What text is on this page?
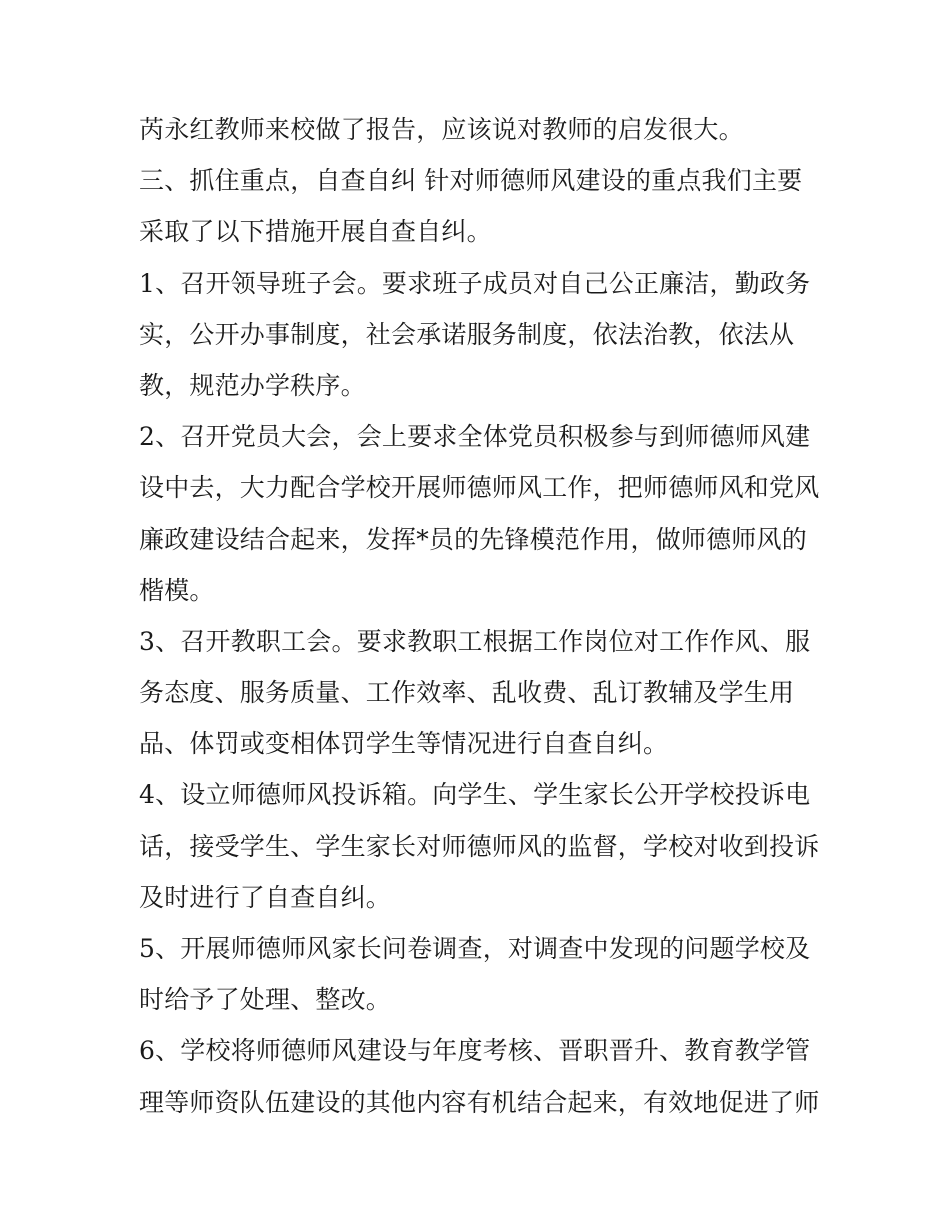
芮永红教师来校做了报告，应该说对教师的启发很大。
三、抓住重点，自查自纠 针对师德师风建设的重点我们主要
采取了以下措施开展自查自纠。
1、召开领导班子会。要求班子成员对自己公正廉洁，勤政务
实，公开办事制度，社会承诺服务制度，依法治教，依法从
教，规范办学秩序。
2、召开党员大会，会上要求全体党员积极参与到师德师风建
设中去，大力配合学校开展师德师风工作，把师德师风和党风
廉政建设结合起来，发挥*员的先锋模范作用，做师德师风的
楷模。
3、召开教职工会。要求教职工根据工作岗位对工作作风、服
务态度、服务质量、工作效率、乱收费、乱订教辅及学生用
品、体罚或变相体罚学生等情况进行自查自纠。
4、设立师德师风投诉箱。向学生、学生家长公开学校投诉电
话，接受学生、学生家长对师德师风的监督，学校对收到投诉
及时进行了自查自纠。
5、开展师德师风家长问卷调查，对调查中发现的问题学校及
时给予了处理、整改。
6、学校将师德师风建设与年度考核、晋职晋升、教育教学管
理等师资队伍建设的其他内容有机结合起来，有效地促进了师
